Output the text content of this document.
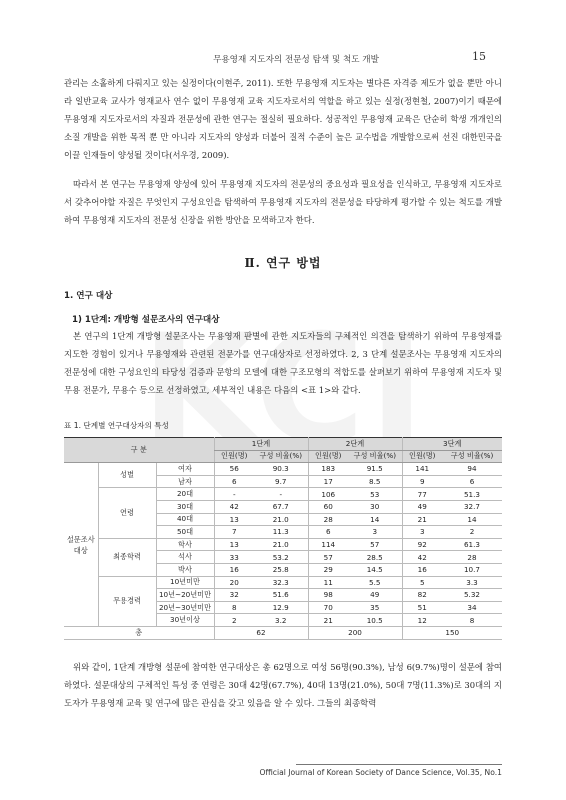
무용영재 지도자의 전문성 탐색 및 척도 개발	15

관리는 소홀하게 다뤄지고 있는 실정이다(이현주, 2011). 또한 무용영재 지도자는 별다른 자격증 제도가 없을 뿐만 아니라 일반교육 교사가 영재교사 연수 없이 무용영재 교육 지도자로서의 역할을 하고 있는 실정(정현철, 2007)이기 때문에 무용영재 지도자로서의 자질과 전문성에 관한 연구는 절실히 필요하다. 성공적인 무용영재 교육은 단순히 학생 개개인의 소질 개발을 위한 목적 뿐 만 아니라 지도자의 양성과 더불어 질적 수준이 높은 교수법을 개발함으로써 선진 대한민국을 이끌 인재들이 양성될 것이다(서우경, 2009).

따라서 본 연구는 무용영재 양성에 있어 무용영재 지도자의 전문성의 중요성과 필요성을 인식하고, 무용영재 지도자로서 갖추어야할 자질은 무엇인지 구성요인을 탐색하여 무용영재 지도자의 전문성을 타당하게 평가할 수 있는 척도를 개발하여 무용영재 지도자의 전문성 신장을 위한 방안을 모색하고자 한다.

Ⅱ. 연구 방법
1. 연구 대상
1) 1단계: 개방형 설문조사의 연구대상

본 연구의 1단계 개방형 설문조사는 무용영재 판별에 관한 지도자들의 구체적인 의견을 탐색하기 위하여 무용영재를 지도한 경험이 있거나 무용영재와 관련된 전문가를 연구대상자로 선정하였다. 2, 3 단계 설문조사는 무용영재 지도자의 전문성에 대한 구성요인의 타당성 검증과 문항의 모델에 대한 구조모형의 적합도를 살펴보기 위하여 무용영재 지도자 및 무용 전문가, 무용수 등으로 선정하였고, 세부적인 내용은 다음의 <표 1>와 같다.

표 1. 단계별 연구대상자의 특성
구 분			1단계		2단계		3단계	
			인원(명)	구성 비율(%)	인원(명)	구성 비율(%)	인원(명)	구성 비율(%)
설문조사 대상	성별	여자	56	90.3	183	91.5	141	94
		남자	6	9.7	17	8.5	9	6
	연령	20대	-	-	106	53	77	51.3
		30대	42	67.7	60	30	49	32.7
		40대	13	21.0	28	14	21	14
		50대	7	11.3	6	3	3	2
	최종학력	학사	13	21.0	114	57	92	61.3
		석사	33	53.2	57	28.5	42	28
		박사	16	25.8	29	14.5	16	10.7
	무용경력	10년미만	20	32.3	11	5.5	5	3.3
		10년~20년미만	32	51.6	98	49	82	5.32
		20년~30년미만	8	12.9	70	35	51	34
		30년이상	2	3.2	21	10.5	12	8
총			62		200		150	

위와 같이, 1단계 개방형 설문에 참여한 연구대상은 총 62명으로 여성 56명(90.3%), 남성 6(9.7%)명이 설문에 참여하였다. 설문대상의 구체적인 특성 중 연령은 30대 42명(67.7%), 40대 13명(21.0%), 50대 7명(11.3%)로 30대의 지도자가 무용영재 교육 및 연구에 많은 관심을 갖고 있음을 알 수 있다. 그들의 최종학력

Official Journal of Korean Society of Dance Science, Vol.35, No.1
